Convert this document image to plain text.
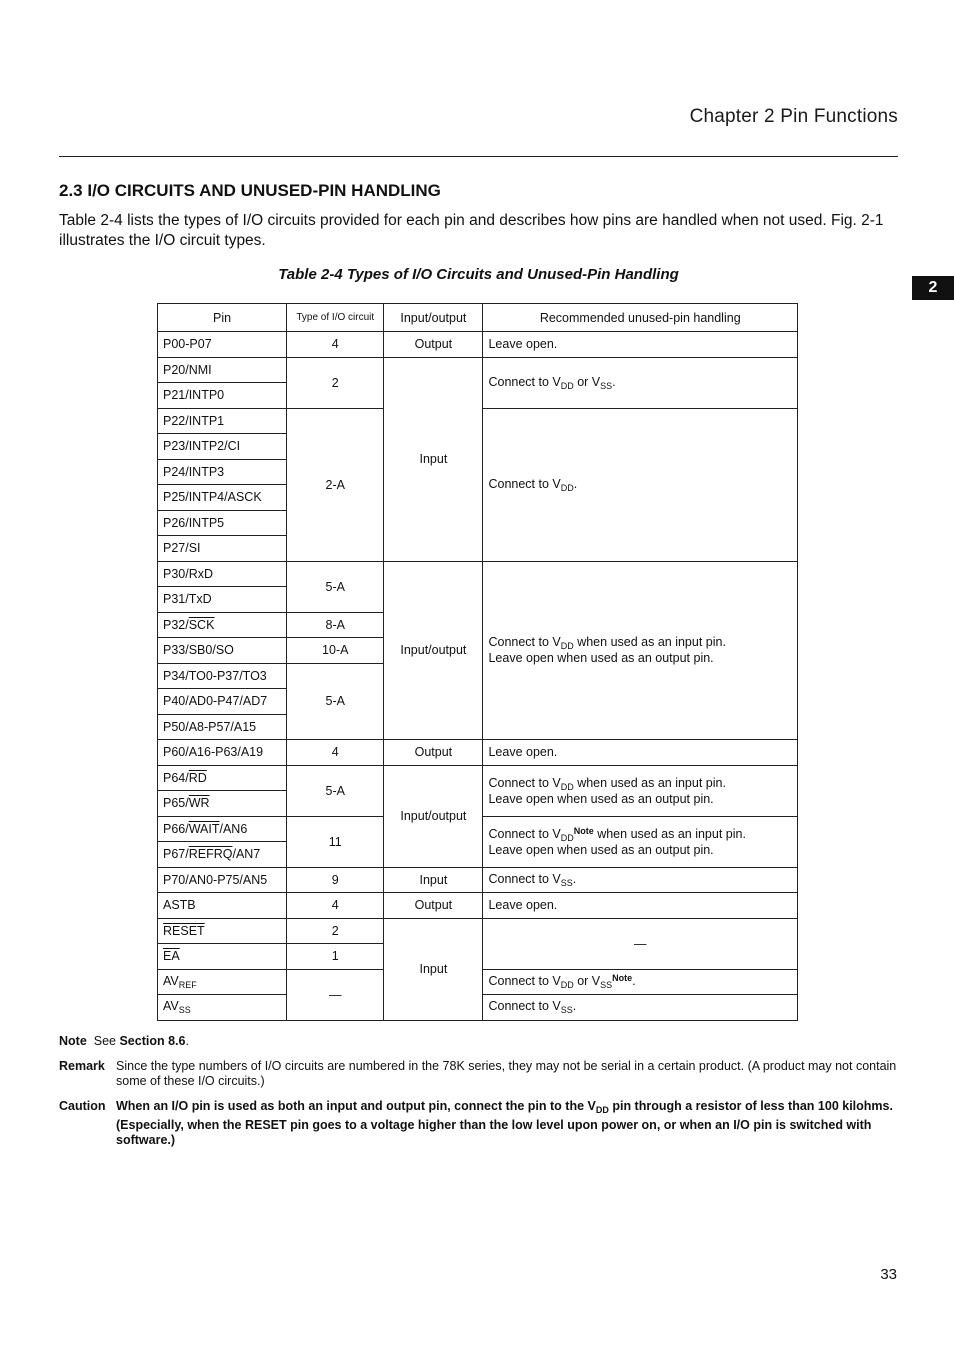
Chapter 2 Pin Functions
2
2.3 I/O CIRCUITS AND UNUSED-PIN HANDLING

Table 2-4 lists the types of I/O circuits provided for each pin and describes how pins are handled when not used. Fig. 2-1 illustrates the I/O circuit types.

Table 2-4 Types of I/O Circuits and Unused-Pin Handling
Pin	Type of I/O circuit	Input/output	Recommended unused-pin handling
P00-P07	4	Output	Leave open.
P20/NMI	2	Input	Connect to $V_{DD}$ or $V_{SS}$.
P21/INTP0			
P22/INTP1	2-A		Connect to $V_{DD}$.
P23/INTP2/CI			
P24/INTP3			
P25/INTP4/ASCK			
P26/INTP5			
P27/SI			
P30/RxD	5-A	Input/output	Connect to $V_{DD}$ when used as an input pin.
Leave open when used as an output pin.
P31/TxD			
$P32/\overline{SCK}$	8-A		
P33/SB0/SO	10-A		
P34/TO0-P37/TO3	5-A		
P40/AD0-P47/AD7			
P50/A8-P57/A15			
P60/A16-P63/A19	4	Output	Leave open.
$P64/\overline{RD}$	5-A	Input/output	Connect to $V_{DD}$ when used as an input pin.
Leave open when used as an output pin.
$P65/\overline{WR}$
P66/WAIT/AN6	11		Connect to $V_{DD}^{Note}$ when used as an input pin.
Leave open when used as an output pin.
P67/REFRQ/AN7			
P70/AN0-P75/AN5	9	Input	Connect to $V_{SS}$.
ASTB	4	Output	Leave open.
RESET	2	Input	—
$\overline{EA}$	1		
$AV_{REF}$	—		Connect to $V_{DD}$ or $V_{SS}^{Note}$.
$AV_{SS}$			Connect to $V_{SS}$.
Note See Section 8.6.
Remark Since the type numbers of I/O circuits are numbered in the 78K series, they may not be serial in a certain product. (A product may not contain some of these I/O circuits.)
Caution When an I/O pin is used as both an input and output pin, connect the pin to the $V_{DD}$ pin through a resistor of less than 100 kilohms. (Especially, when the RESET pin goes to a voltage higher than the low level upon power on, or when an I/O pin is switched with software.)
33
